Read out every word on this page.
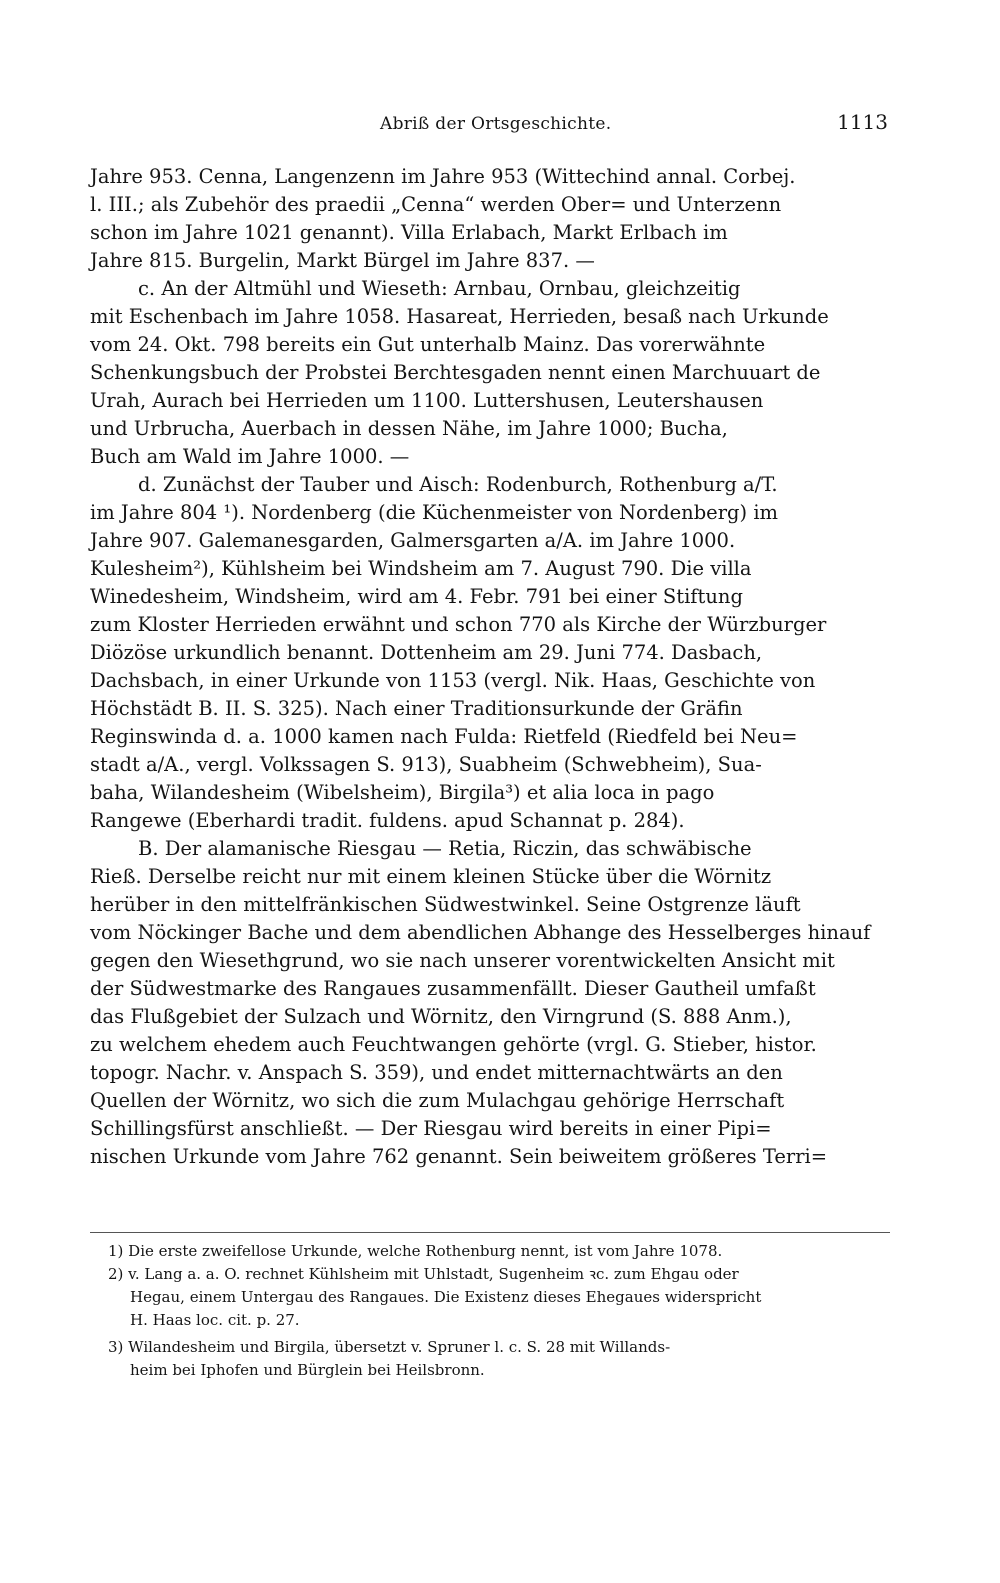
Abriß der Ortsgeschichte.	1113
Jahre 953. Cenna, Langenzenn im Jahre 953 (Wittechind annal. Corbej.
l. III.; als Zubehör des praedii „Cenna“ werden Ober= und Unterzenn
schon im Jahre 1021 genannt). Villa Erlabach, Markt Erlbach im
Jahre 815. Burgelin, Markt Bürgel im Jahre 837. —
c. An der Altmühl und Wieseth: Arnbau, Ornbau, gleichzeitig
mit Eschenbach im Jahre 1058. Hasareat, Herrieden, besaß nach Urkunde
vom 24. Okt. 798 bereits ein Gut unterhalb Mainz. Das vorerwähnte
Schenkungsbuch der Probstei Berchtesgaden nennt einen Marchuuart de
Urah, Aurach bei Herrieden um 1100. Luttershusen, Leutershausen
und Urbrucha, Auerbach in dessen Nähe, im Jahre 1000; Bucha,
Buch am Wald im Jahre 1000. —
d. Zunächst der Tauber und Aisch: Rodenburch, Rothenburg a/T.
im Jahre 804 ¹). Nordenberg (die Küchenmeister von Nordenberg) im
Jahre 907. Galemanesgarden, Galmersgarten a/A. im Jahre 1000.
Kulesheim²), Kühlsheim bei Windsheim am 7. August 790. Die villa
Winedesheim, Windsheim, wird am 4. Febr. 791 bei einer Stiftung
zum Kloster Herrieden erwähnt und schon 770 als Kirche der Würzburger
Diözöse urkundlich benannt. Dottenheim am 29. Juni 774. Dasbach,
Dachsbach, in einer Urkunde von 1153 (vergl. Nik. Haas, Geschichte von
Höchstädt B. II. S. 325). Nach einer Traditionsurkunde der Gräfin
Reginswinda d. a. 1000 kamen nach Fulda: Rietfeld (Riedfeld bei Neu=
stadt a/A., vergl. Volkssagen S. 913), Suabheim (Schwebheim), Sua-
baha, Wilandesheim (Wibelsheim), Birgila³) et alia loca in pago
Rangewe (Eberhardi tradit. fuldens. apud Schannat p. 284).
B. Der alamanische Riesgau — Retia, Riczin, das schwäbische
Rieß. Derselbe reicht nur mit einem kleinen Stücke über die Wörnitz
herüber in den mittelfränkischen Südwestwinkel. Seine Ostgrenze läuft
vom Nöckinger Bache und dem abendlichen Abhange des Hesselberges hinauf
gegen den Wiesethgrund, wo sie nach unserer vorentwickelten Ansicht mit
der Südwestmarke des Rangaues zusammenfällt. Dieser Gautheil umfaßt
das Flußgebiet der Sulzach und Wörnitz, den Virngrund (S. 888 Anm.),
zu welchem ehedem auch Feuchtwangen gehörte (vrgl. G. Stieber, histor.
topogr. Nachr. v. Anspach S. 359), und endet mitternachtwärts an den
Quellen der Wörnitz, wo sich die zum Mulachgau gehörige Herrschaft
Schillingsfürst anschließt. — Der Riesgau wird bereits in einer Pipi=
nischen Urkunde vom Jahre 762 genannt. Sein beiweitem größeres Terri=
1) Die erste zweifellose Urkunde, welche Rothenburg nennt, ist vom Jahre 1078.
2) v. Lang a. a. O. rechnet Kühlsheim mit Uhlstadt, Sugenheim ꝛc. zum Ehgau oder
Hegau, einem Untergau des Rangaues. Die Existenz dieses Ehegaues widerspricht
H. Haas loc. cit. p. 27.
3) Wilandesheim und Birgila, übersetzt v. Spruner l. c. S. 28 mit Willands-
heim bei Iphofen und Bürglein bei Heilsbronn.
